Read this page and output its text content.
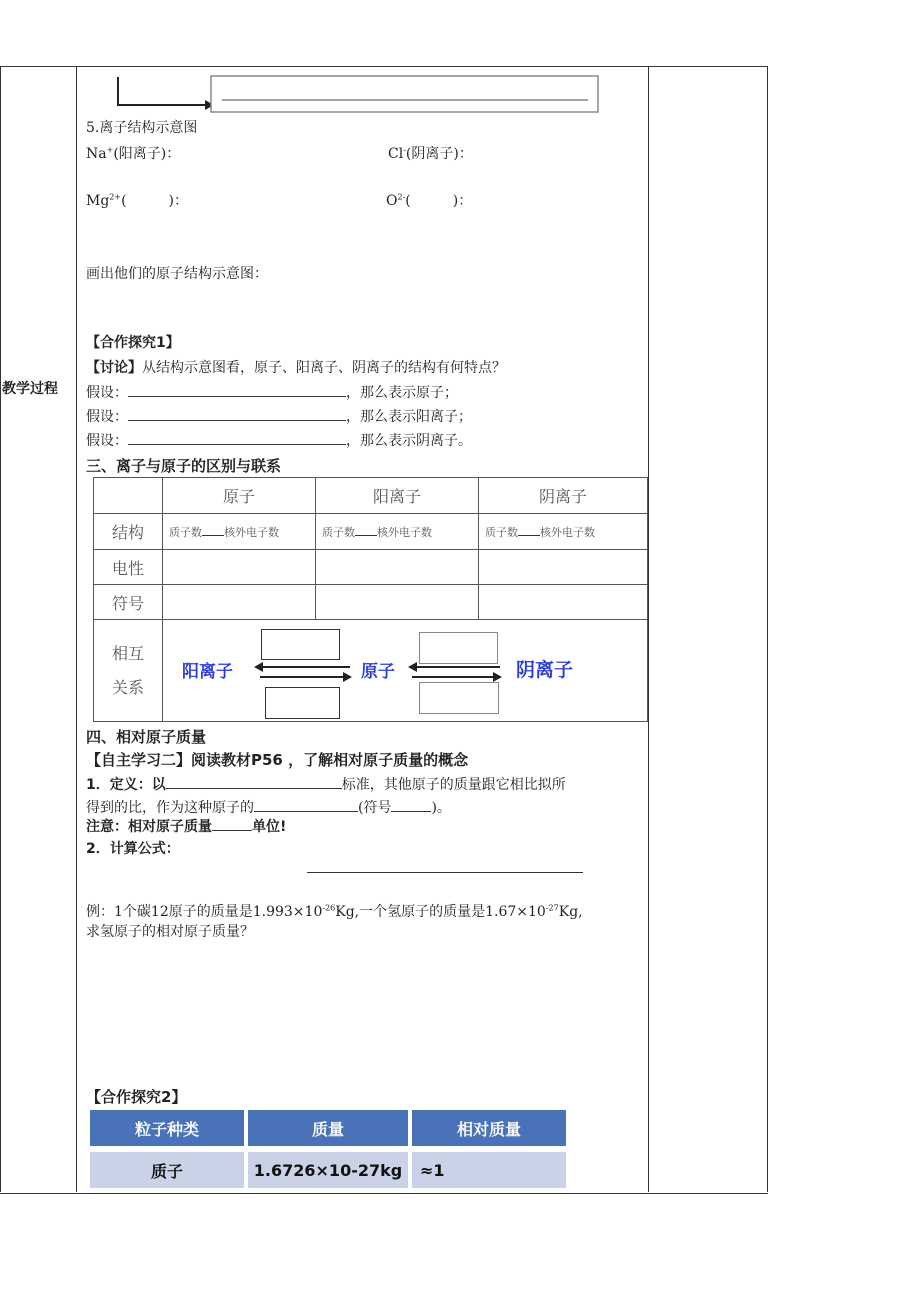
教学过程
5.离子结构示意图
Na+(阳离子)：	Cl-(阴离子)：
$Mg^{2+}$(　　　)：	$O^{2-}$(　　　)：
画出他们的原子结构示意图：
【合作探究1】
【讨论】从结构示意图看，原子、阳离子、阴离子的结构有何特点？
假设：	，那么表示原子；
假设：	，那么表示阳离子；
假设：	，那么表示阴离子。
三、离子与原子的区别与联系
	原子	阳离子	阴离子
结构	质子数 核外电子数	质子数 核外电子数	质子数 核外电子数
电性			
符号			
相互
关系			
阳离子	原子	阴离子
四、相对原子质量
【自主学习二】阅读教材P56 ，了解相对原子质量的概念
1．定义：以	标准，其他原子的质量跟它相比拟所
得到的比，作为这种原子的	(符号	)。
注意：相对原子质量	单位!
2．计算公式：
例：1个碳12原子的质量是$1.993\times 10^{-26}Kg$,一个氢原子的质量是$1.67\times 10^{-27}Kg$,
求氢原子的相对原子质量？
【合作探究2】
粒子种类	质量	相对质量

质子	1.6726×10-27kg	≈1
